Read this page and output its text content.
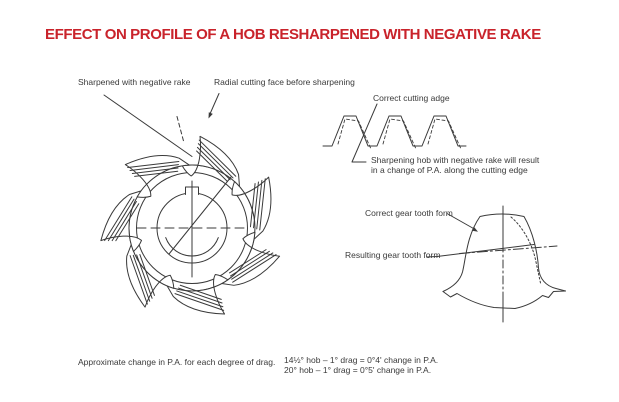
EFFECT ON PROFILE OF A HOB RESHARPENED WITH NEGATIVE RAKE
Sharpened with negative rake	Radial cutting face before sharpening
Correct cutting adge
Sharpening hob with negative rake will result
in a change of P.A. along the cutting edge
Correct gear tooth form
Resulting gear tooth form
Approximate change in P.A. for each degree of drag. 14½° hob – 1° drag = 0°4' change in P.A.
20° hob – 1° drag = 0°5' change in P.A.
